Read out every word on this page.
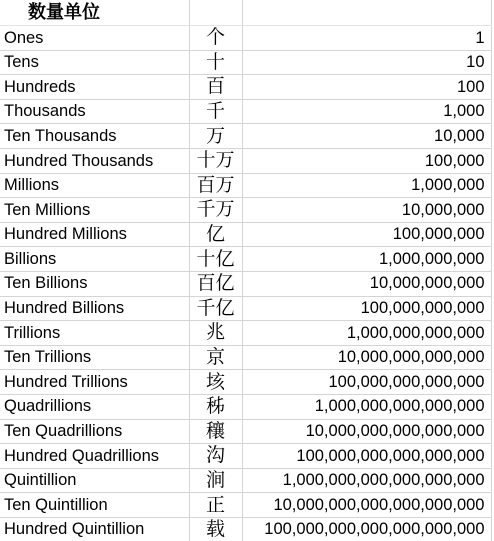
数量单位		
Ones	个	1
Tens	十	10
Hundreds	百	100
Thousands	千	1,000
Ten Thousands	万	10,000
Hundred Thousands	十万	100,000
Millions	百万	1,000,000
Ten Millions	千万	10,000,000
Hundred Millions	亿	100,000,000
Billions	十亿	1,000,000,000
Ten Billions	百亿	10,000,000,000
Hundred Billions	千亿	100,000,000,000
Trillions	兆	1,000,000,000,000
Ten Trillions	京	10,000,000,000,000
Hundred Trillions	垓	100,000,000,000,000
Quadrillions	秭	1,000,000,000,000,000
Ten Quadrillions	穰	10,000,000,000,000,000
Hundred Quadrillions	沟	100,000,000,000,000,000
Quintillion	涧	1,000,000,000,000,000,000
Ten Quintillion	正	10,000,000,000,000,000,000
Hundred Quintillion	载	100,000,000,000,000,000,000
